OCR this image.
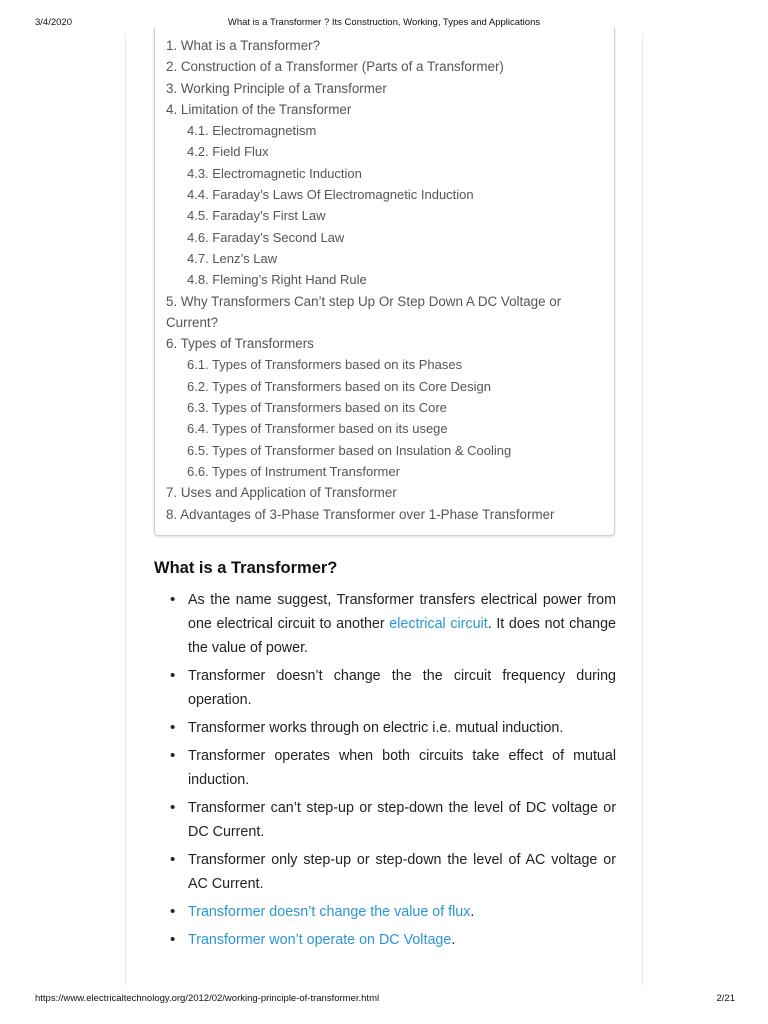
3/4/2020	What is a Transformer ? Its Construction, Working, Types and Applications
1. What is a Transformer?
2. Construction of a Transformer (Parts of a Transformer)
3. Working Principle of a Transformer
4. Limitation of the Transformer
4.1. Electromagnetism
4.2. Field Flux
4.3. Electromagnetic Induction
4.4. Faraday’s Laws Of Electromagnetic Induction
4.5. Faraday’s First Law
4.6. Faraday’s Second Law
4.7. Lenz’s Law
4.8. Fleming’s Right Hand Rule
5. Why Transformers Can’t step Up Or Step Down A DC Voltage or Current?
6. Types of Transformers
6.1. Types of Transformers based on its Phases
6.2. Types of Transformers based on its Core Design
6.3. Types of Transformers based on its Core
6.4. Types of Transformer based on its usege
6.5. Types of Transformer based on Insulation & Cooling
6.6. Types of Instrument Transformer
7. Uses and Application of Transformer
8. Advantages of 3-Phase Transformer over 1-Phase Transformer
What is a Transformer?
• As the name suggest, Transformer transfers electrical power from one electrical circuit to another electrical circuit. It does not change the value of power.
• Transformer doesn’t change the the circuit frequency during operation.
• Transformer works through on electric i.e. mutual induction.
• Transformer operates when both circuits take effect of mutual induction.
• Transformer can’t step-up or step-down the level of DC voltage or DC Current.
• Transformer only step-up or step-down the level of AC voltage or AC Current.
• Transformer doesn’t change the value of flux.
• Transformer won’t operate on DC Voltage.
https://www.electricaltechnology.org/2012/02/working-principle-of-transformer.html	2/21
